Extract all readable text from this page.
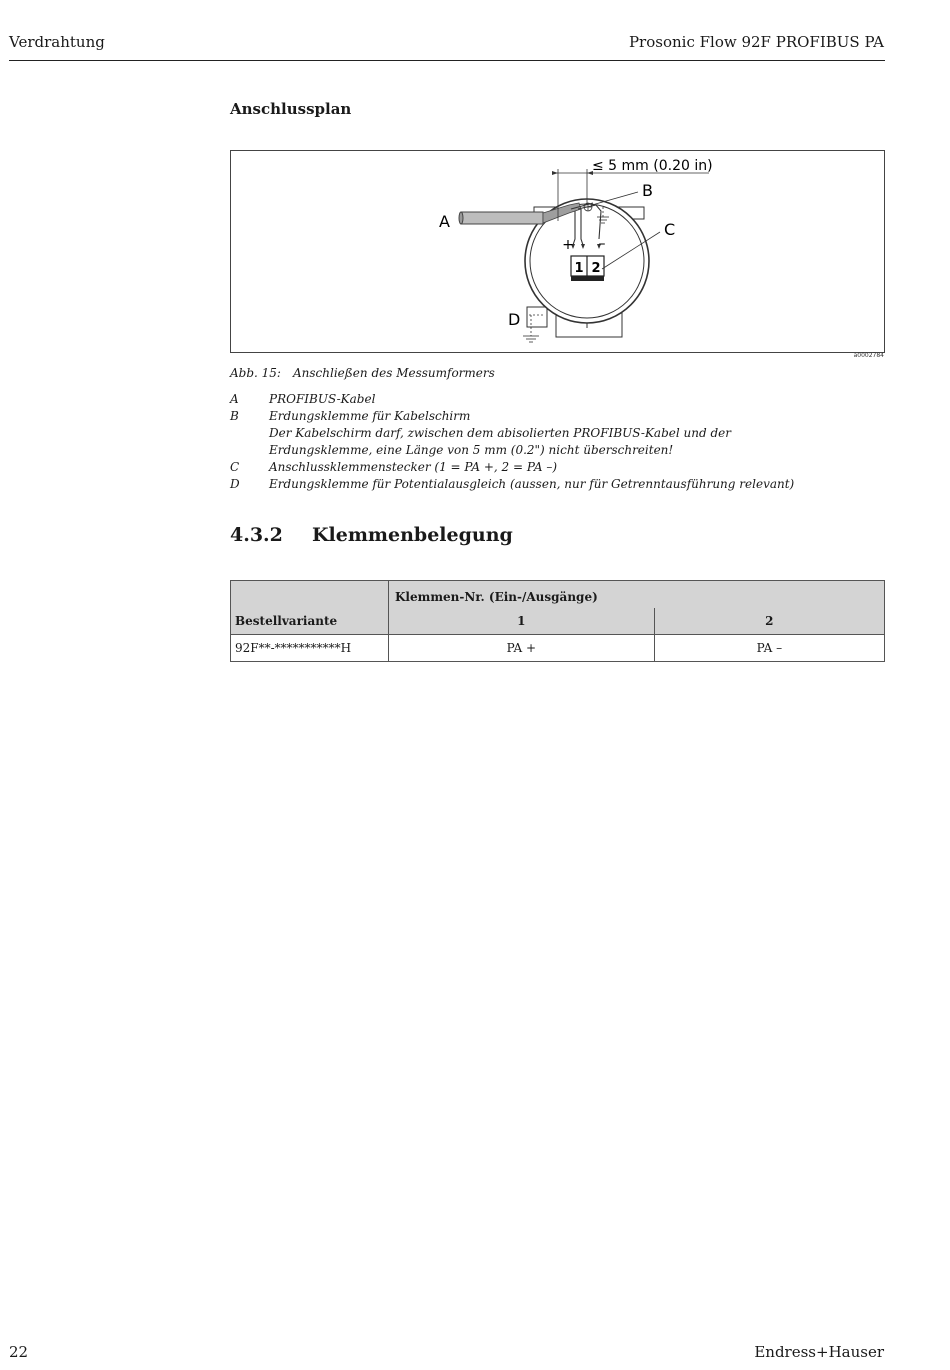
Verdrahtung	Prosonic Flow 92F PROFIBUS PA
Anschlussplan
+ –
1 2
≤ 5 mm (0.20 in)
A
B
C
D
a0002784
Abb. 15: Anschließen des Messumformers
A	PROFIBUS-Kabel
B	Erdungsklemme für Kabelschirm
Der Kabelschirm darf, zwischen dem abisolierten PROFIBUS-Kabel und der Erdungsklemme, eine Länge von 5 mm (0.2") nicht überschreiten!
C	Anschlussklemmenstecker (1 = PA +, 2 = PA –)
D	Erdungsklemme für Potentialausgleich (aussen, nur für Getrenntausführung relevant)
4.3.2 Klemmenbelegung
Bestellvariante	Klemmen-Nr. (Ein-/Ausgänge)	
	1	2
92F**-***********H	PA +	PA –
22	Endress+Hauser
